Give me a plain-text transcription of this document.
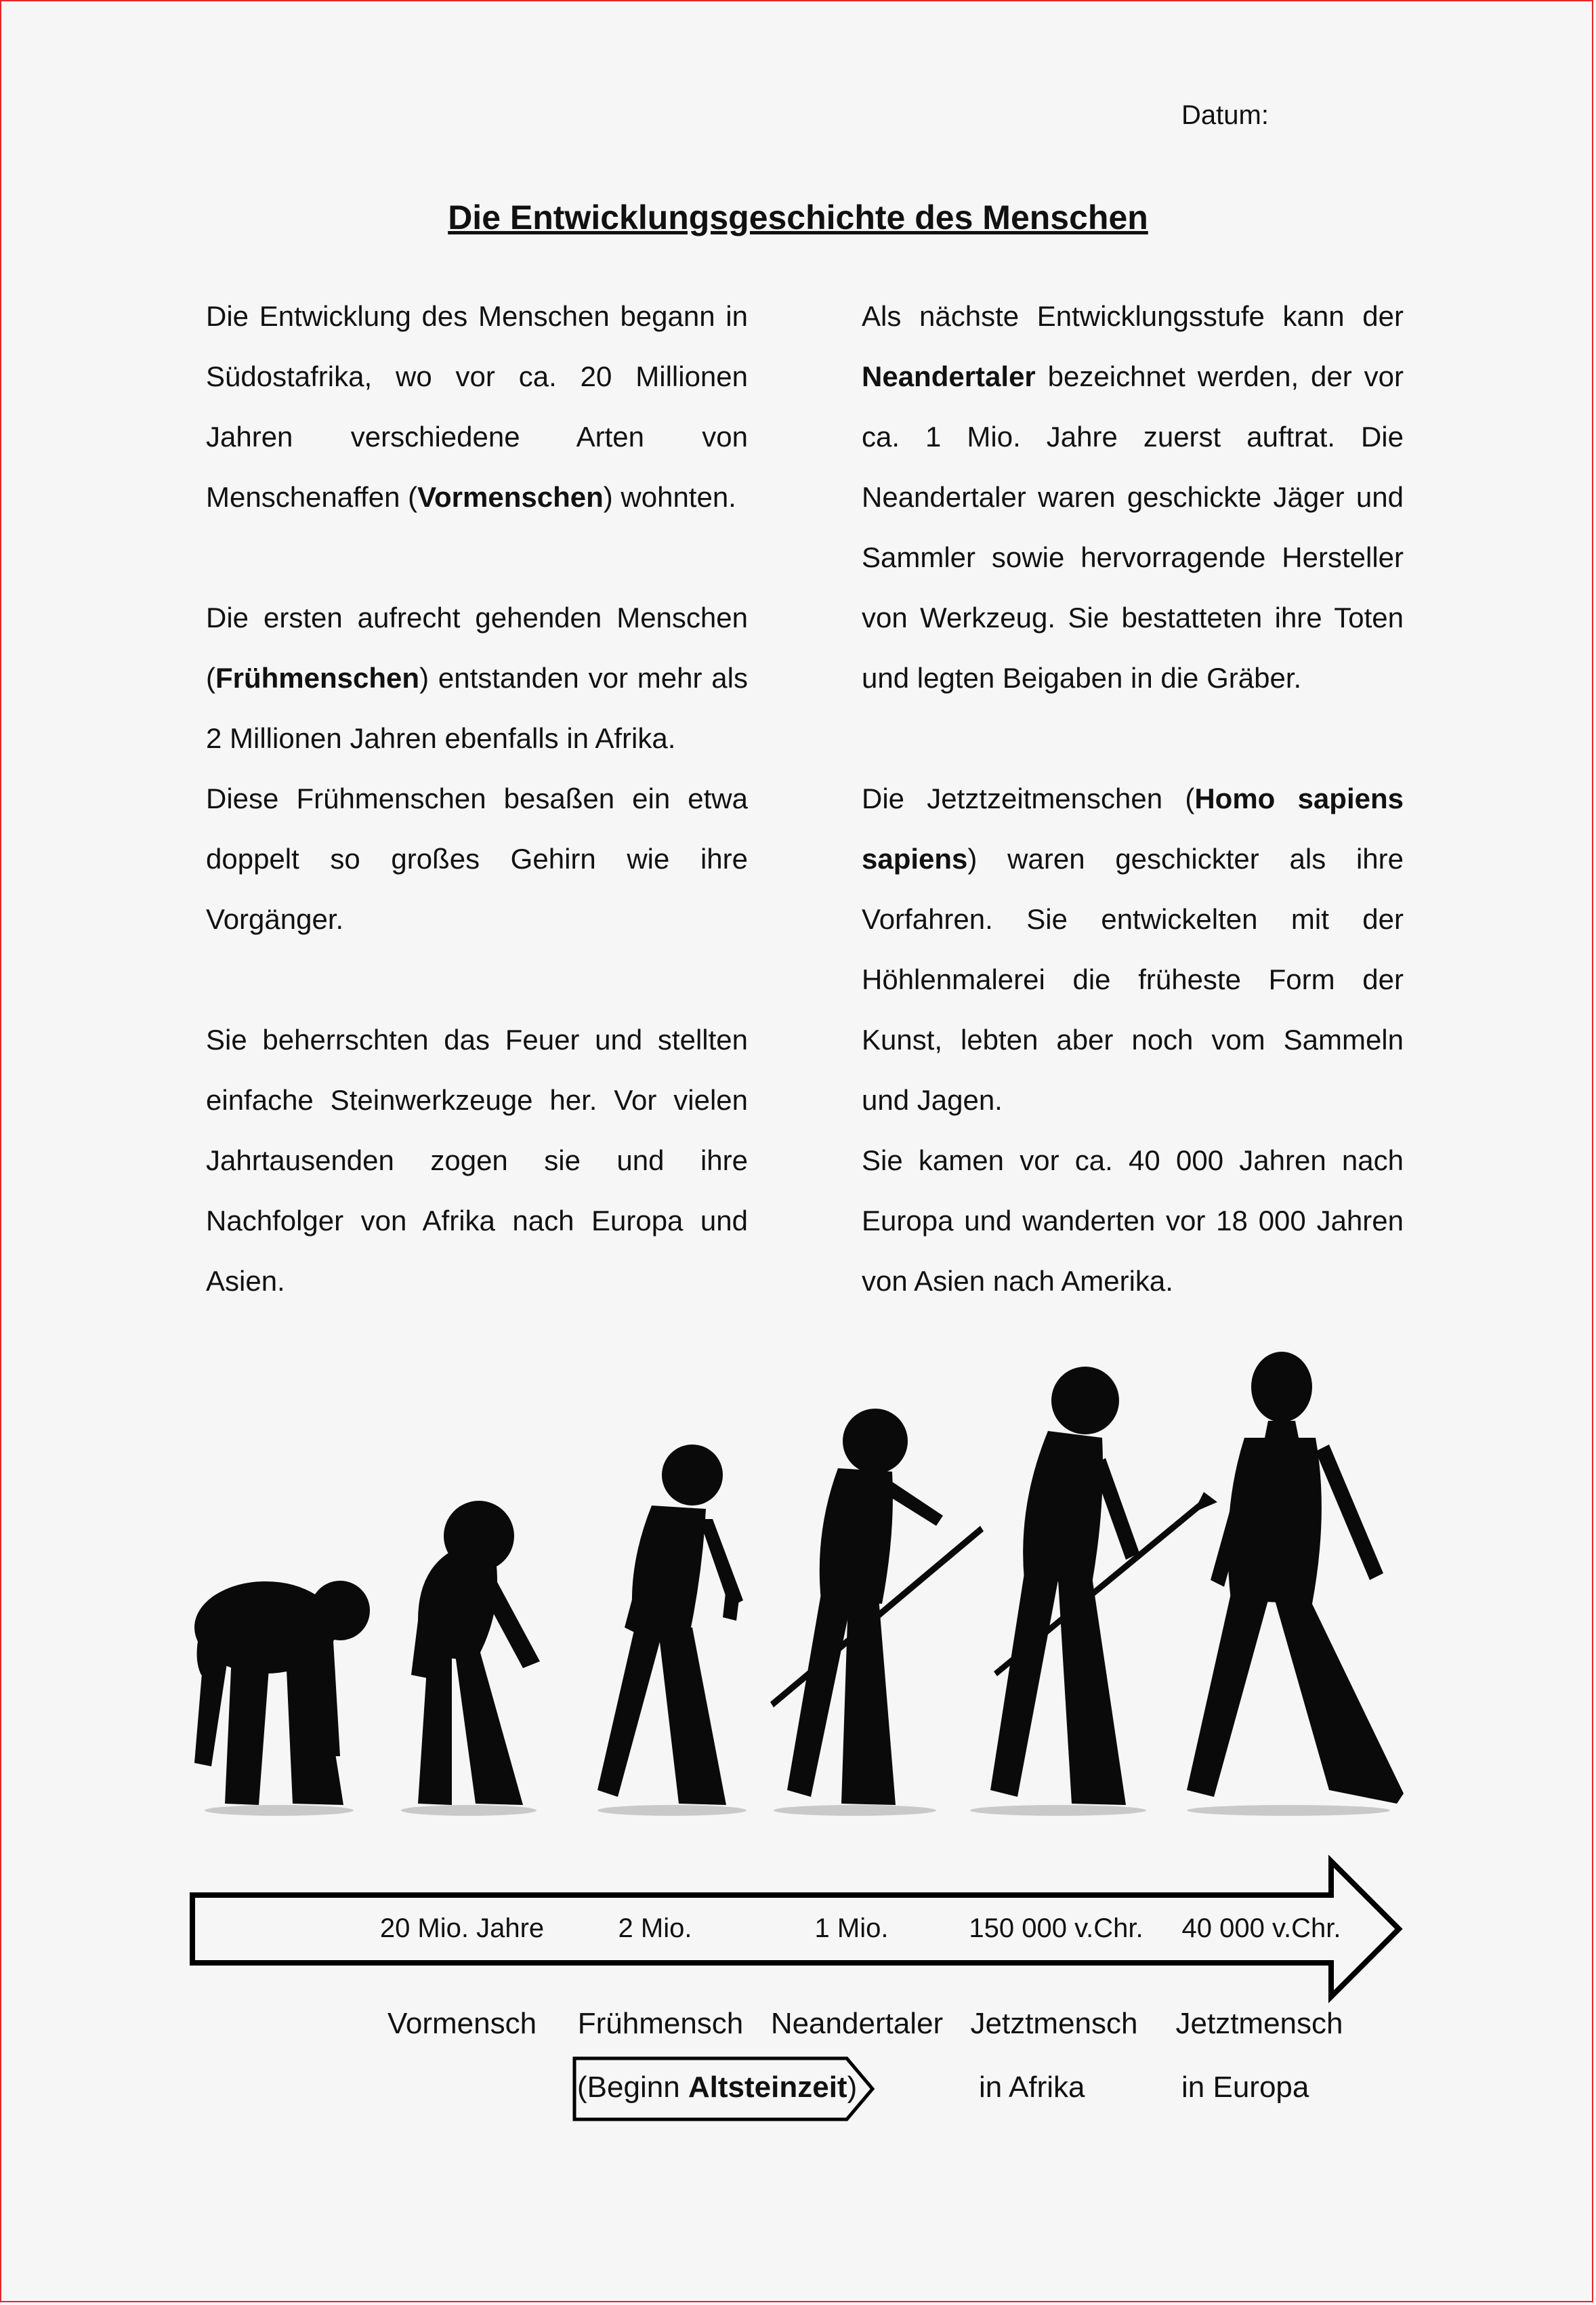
Datum:
Die Entwicklungsgeschichte des Menschen

Die Entwicklung des Menschen begann in Südostafrika, wo vor ca. 20 Millionen Jahren verschiedene Arten von Menschenaffen (Vormenschen) wohnten.

Die ersten aufrecht gehenden Menschen (Frühmenschen) entstanden vor mehr als 2 Millionen Jahren ebenfalls in Afrika.

Diese Frühmenschen besaßen ein etwa doppelt so großes Gehirn wie ihre Vorgänger.

Sie beherrschten das Feuer und stellten einfache Steinwerkzeuge her. Vor vielen Jahrtausenden zogen sie und ihre Nachfolger von Afrika nach Europa und Asien.

Als nächste Entwicklungsstufe kann der Neandertaler bezeichnet werden, der vor ca. 1 Mio. Jahre zuerst auftrat. Die Neandertaler waren geschickte Jäger und Sammler sowie hervorragende Hersteller von Werkzeug. Sie bestatteten ihre Toten und legten Beigaben in die Gräber.

Die Jetztzeitmenschen (Homo sapiens sapiens) waren geschickter als ihre Vorfahren. Sie entwickelten mit der Höhlenmalerei die früheste Form der Kunst, lebten aber noch vom Sammeln und Jagen.

Sie kamen vor ca. 40 000 Jahren nach Europa und wanderten vor 18 000 Jahren von Asien nach Amerika.

20 Mio. Jahre	2 Mio.	1 Mio.	150 000 v.Chr. 40 000 v.Chr.
Vormensch Frühmensch Neandertaler Jetztmensch Jetztmensch
in Afrika	in Europa
(Beginn Altsteinzeit)
